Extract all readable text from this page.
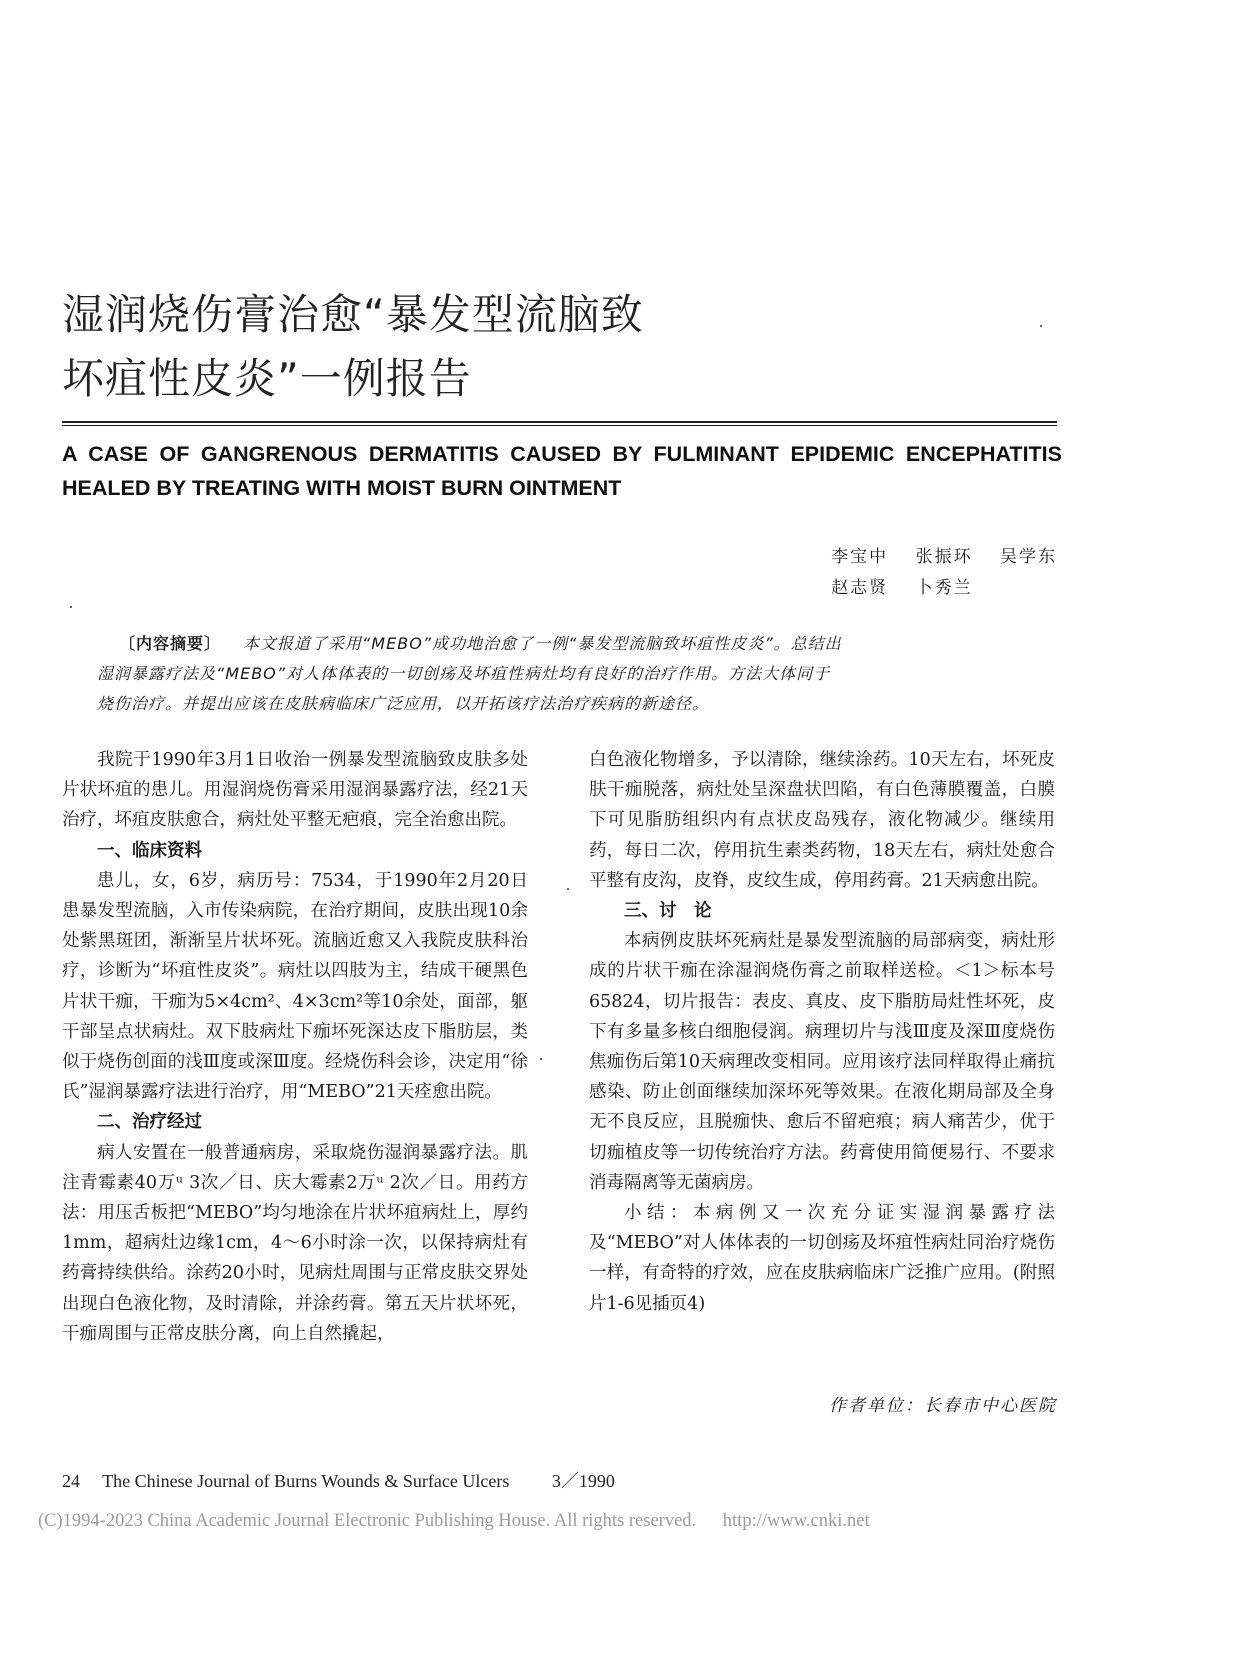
湿润烧伤膏治愈“暴发型流脑致
坏疽性皮炎”一例报告
A CASE OF GANGRENOUS DERMATITIS CAUSED BY FULMINANT EPIDEMIC ENCEPHATITIS HEALED BY TREATING WITH MOIST BURN OINTMENT
李宝中 张振环 吴学东
赵志贤 卜秀兰

〔内容摘要〕 本文报道了采用“MEBO”成功地治愈了一例“暴发型流脑致坏疽性皮炎”。总结出

湿润暴露疗法及“MEBO”对人体体表的一切创疡及坏疽性病灶均有良好的治疗作用。方法大体同于

烧伤治疗。并提出应该在皮肤病临床广泛应用，以开拓该疗法治疗疾病的新途径。

我院于1990年3月1日收治一例暴发型流脑致皮肤多处片状坏疽的患儿。用湿润烧伤膏采用湿润暴露疗法，经21天治疗，坏疽皮肤愈合，病灶处平整无疤痕，完全治愈出院。

一、临床资料

患儿，女，6岁，病历号：7534，于1990年2月20日患暴发型流脑，入市传染病院，在治疗期间，皮肤出现10余处紫黑斑团，渐渐呈片状坏死。流脑近愈又入我院皮肤科治疗，诊断为“坏疽性皮炎”。病灶以四肢为主，结成干硬黑色片状干痂，干痂为5×4cm²、4×3cm²等10余处，面部，躯干部呈点状病灶。双下肢病灶下痂坏死深达皮下脂肪层，类似于烧伤创面的浅Ⅲ度或深Ⅲ度。经烧伤科会诊，决定用“徐氏”湿润暴露疗法进行治疗，用“MEBO”21天痊愈出院。

二、治疗经过

病人安置在一般普通病房，采取烧伤湿润暴露疗法。肌注青霉素40万ᵘ 3次／日、庆大霉素2万ᵘ 2次／日。用药方法：用压舌板把“MEBO”均匀地涂在片状坏疽病灶上，厚约1mm，超病灶边缘1cm，4～6小时涂一次，以保持病灶有药膏持续供给。涂药20小时，见病灶周围与正常皮肤交界处出现白色液化物，及时清除，并涂药膏。第五天片状坏死，干痂周围与正常皮肤分离，向上自然撬起，

白色液化物增多，予以清除，继续涂药。10天左右，坏死皮肤干痂脱落，病灶处呈深盘状凹陷，有白色薄膜覆盖，白膜下可见脂肪组织内有点状皮岛残存，液化物减少。继续用药，每日二次，停用抗生素类药物，18天左右，病灶处愈合平整有皮沟，皮脊，皮纹生成，停用药膏。21天病愈出院。

三、讨　论

本病例皮肤坏死病灶是暴发型流脑的局部病变，病灶形成的片状干痂在涂湿润烧伤膏之前取样送检。＜1＞标本号65824，切片报告：表皮、真皮、皮下脂肪局灶性坏死，皮下有多量多核白细胞侵润。病理切片与浅Ⅲ度及深Ⅲ度烧伤焦痂伤后第10天病理改变相同。应用该疗法同样取得止痛抗感染、防止创面继续加深坏死等效果。在液化期局部及全身无不良反应，且脱痂快、愈后不留疤痕；病人痛苦少，优于切痂植皮等一切传统治疗方法。药膏使用简便易行、不要求消毒隔离等无菌病房。

小结：本病例又一次充分证实湿润暴露疗法及“MEBO”对人体体表的一切创疡及坏疽性病灶同治疗烧伤一样，有奇特的疗效，应在皮肤病临床广泛推广应用。(附照片1-6见插页4)

作者单位：长春市中心医院
24 The Chinese Journal of Burns Wounds & Surface Ulcers 3／1990
(C)1994-2023 China Academic Journal Electronic Publishing House. All rights reserved. http://www.cnki.net
